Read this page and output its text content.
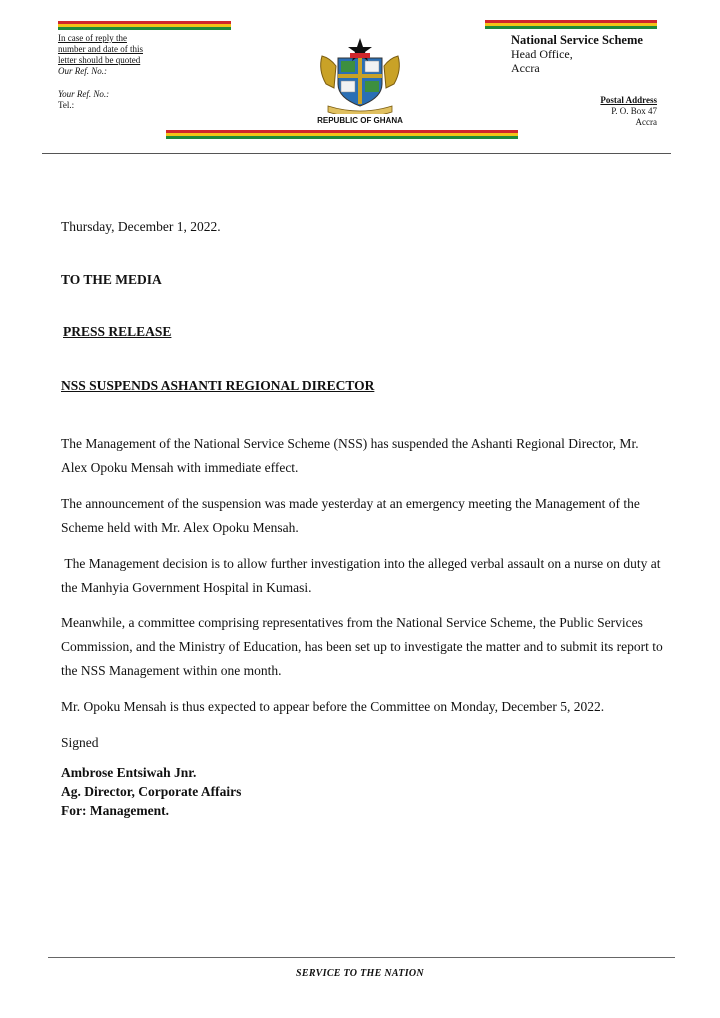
In case of reply the
number and date of this
letter should be quoted
Our Ref. No.:
Your Ref. No.:
Tel.:
National Service Scheme
Head Office,
Accra
Postal Address
P. O. Box 47
Accra
REPUBLIC OF GHANA
Thursday, December 1, 2022.
TO THE MEDIA
PRESS RELEASE
NSS SUSPENDS ASHANTI REGIONAL DIRECTOR
The Management of the National Service Scheme (NSS) has suspended the Ashanti Regional Director, Mr. Alex Opoku Mensah with immediate effect.
The announcement of the suspension was made yesterday at an emergency meeting the Management of the Scheme held with Mr. Alex Opoku Mensah.
The Management decision is to allow further investigation into the alleged verbal assault on a nurse on duty at the Manhyia Government Hospital in Kumasi.
Meanwhile, a committee comprising representatives from the National Service Scheme, the Public Services Commission, and the Ministry of Education, has been set up to investigate the matter and to submit its report to the NSS Management within one month.
Mr. Opoku Mensah is thus expected to appear before the Committee on Monday, December 5, 2022.
Signed
Ambrose Entsiwah Jnr.
Ag. Director, Corporate Affairs
For: Management.
SERVICE TO THE NATION
